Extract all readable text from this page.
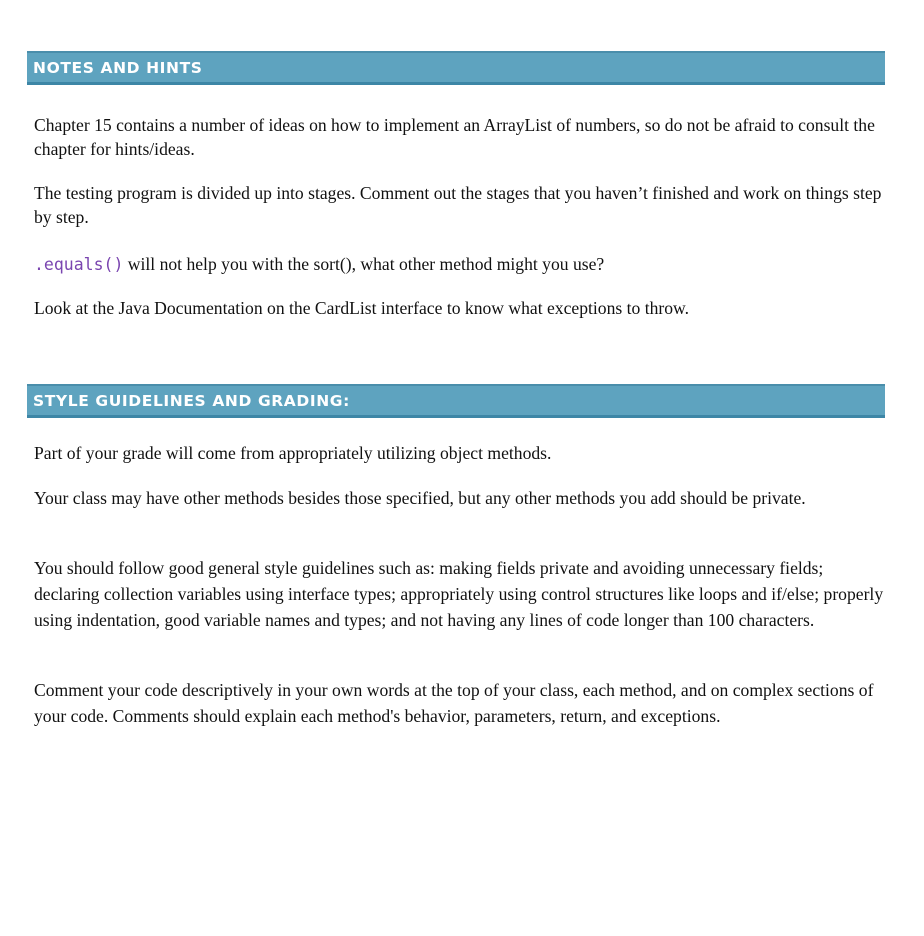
NOTES AND HINTS

Chapter 15 contains a number of ideas on how to implement an ArrayList of numbers, so do not be afraid to consult the chapter for hints/ideas.

The testing program is divided up into stages. Comment out the stages that you haven’t finished and work on things step by step.

.equals() will not help you with the sort(), what other method might you use?

Look at the Java Documentation on the CardList interface to know what exceptions to throw.

STYLE GUIDELINES AND GRADING:

Part of your grade will come from appropriately utilizing object methods.

Your class may have other methods besides those specified, but any other methods you add should be private.

You should follow good general style guidelines such as: making fields private and avoiding unnecessary fields; declaring collection variables using interface types; appropriately using control structures like loops and if/else; properly using indentation, good variable names and types; and not having any lines of code longer than 100 characters.

Comment your code descriptively in your own words at the top of your class, each method, and on complex sections of your code. Comments should explain each method's behavior, parameters, return, and exceptions.
